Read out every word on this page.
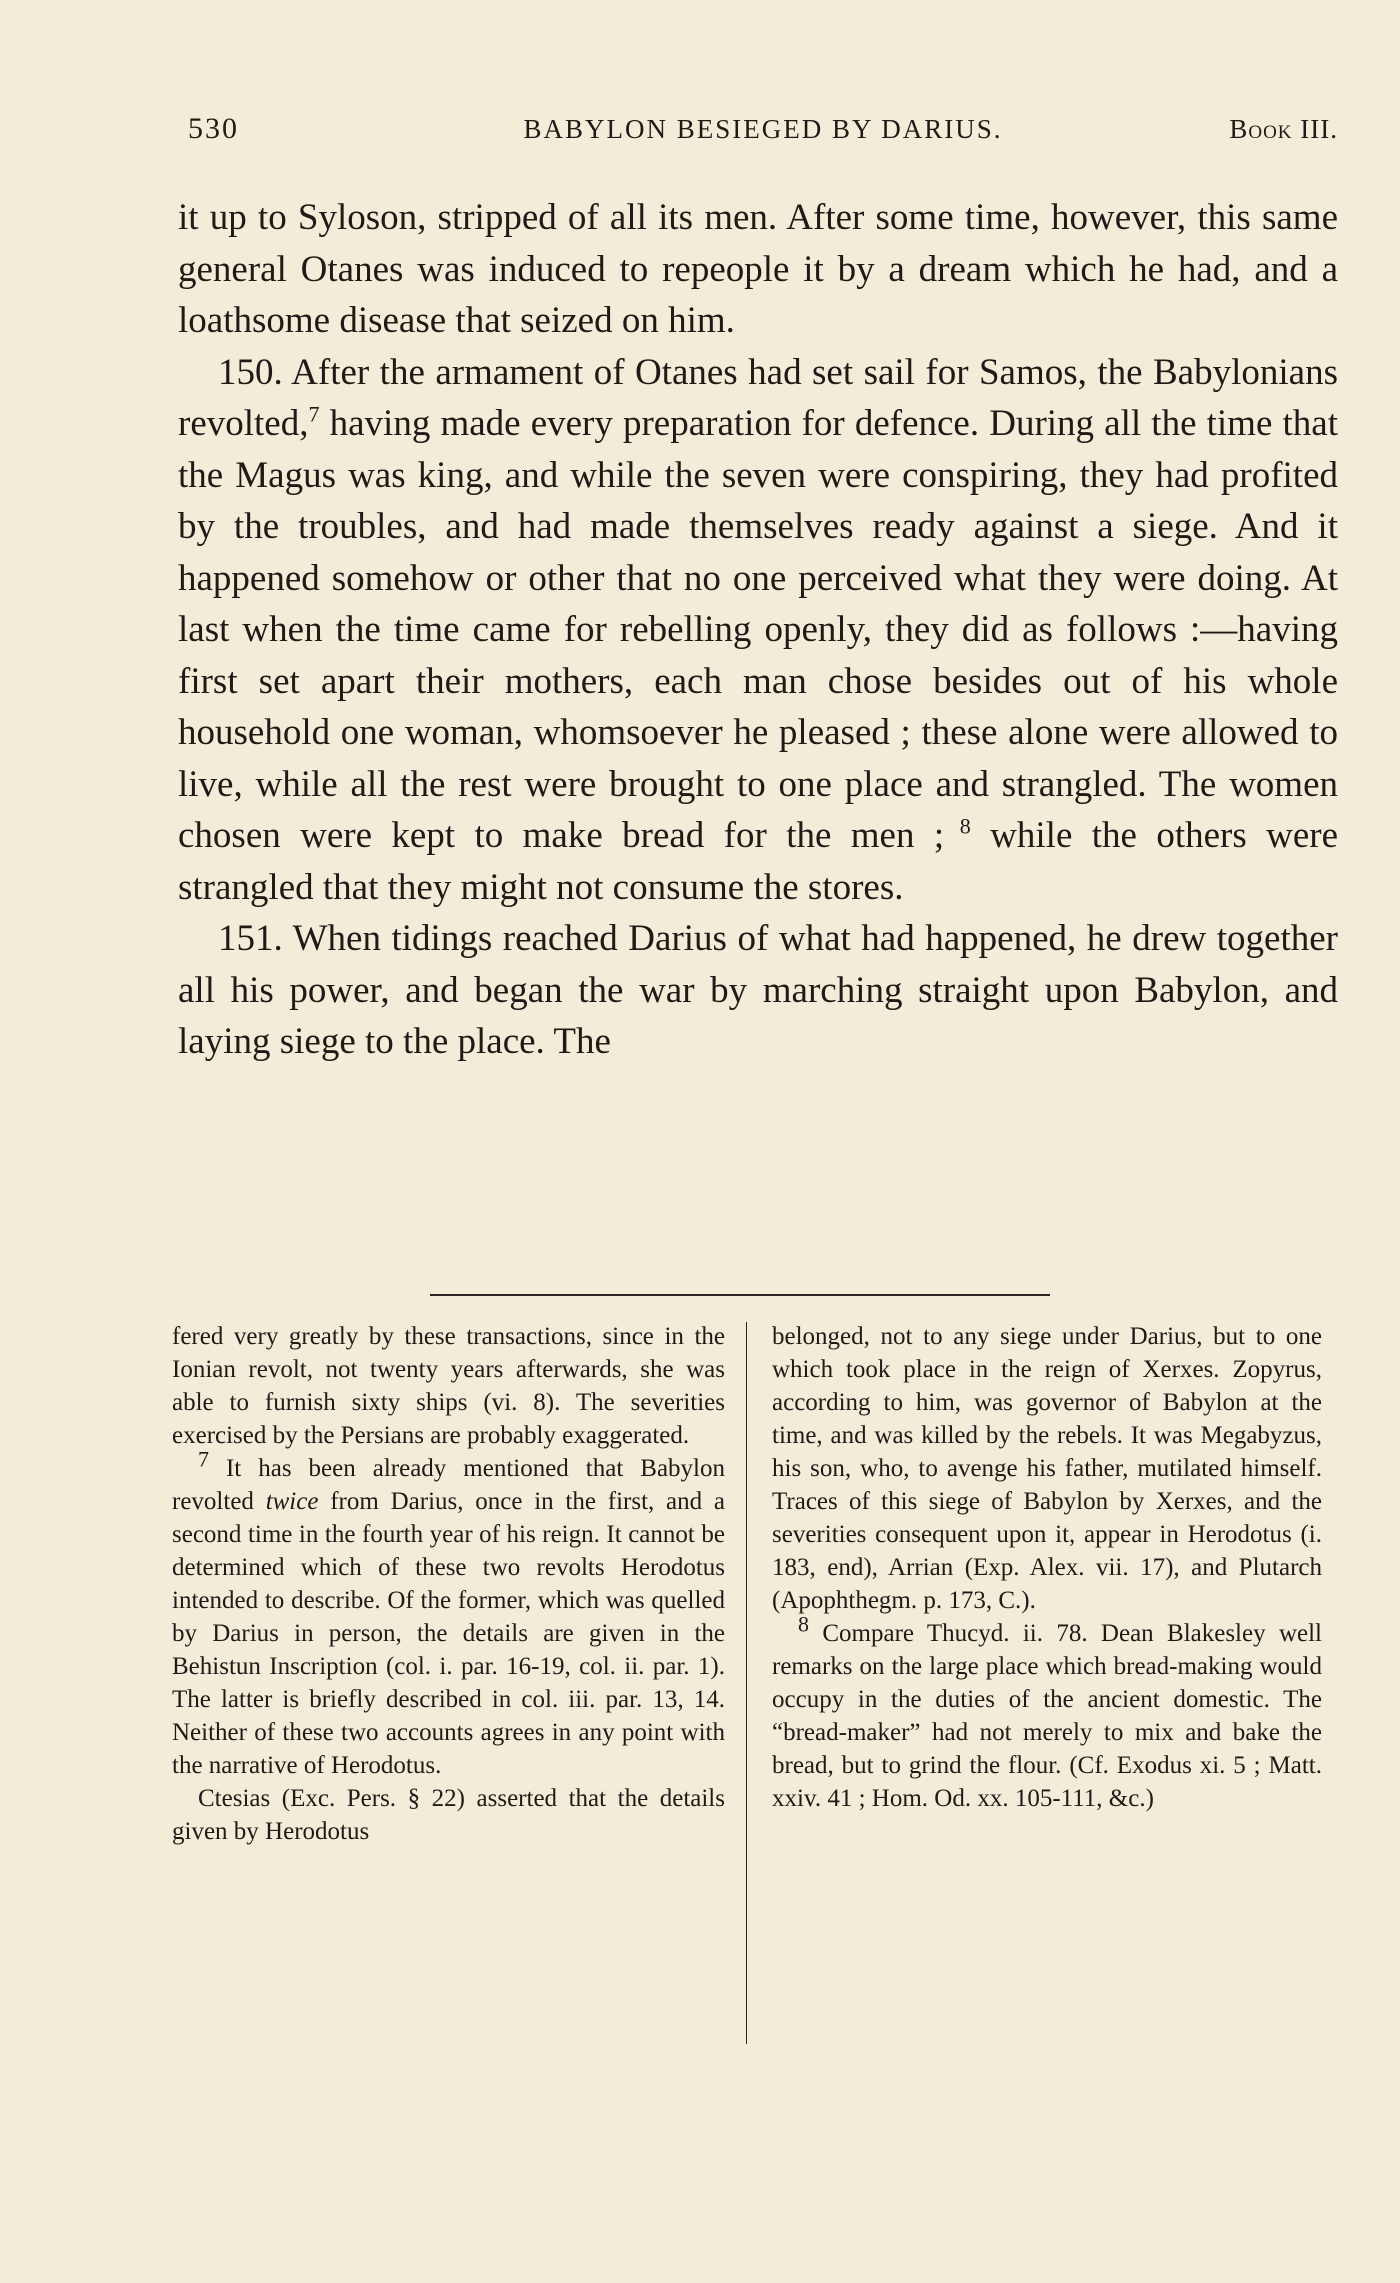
530	BABYLON BESIEGED BY DARIUS.	Book III.

it up to Syloson, stripped of all its men. After some time, however, this same general Otanes was induced to repeople it by a dream which he had, and a loathsome disease that seized on him.

150. After the armament of Otanes had set sail for Samos, the Babylonians revolted,$^7$ having made every preparation for defence. During all the time that the Magus was king, and while the seven were conspiring, they had profited by the troubles, and had made themselves ready against a siege. And it happened somehow or other that no one perceived what they were doing. At last when the time came for rebelling openly, they did as follows :—having first set apart their mothers, each man chose besides out of his whole household one woman, whomsoever he pleased ; these alone were allowed to live, while all the rest were brought to one place and strangled. The women chosen were kept to make bread for the men ; $^8$ while the others were strangled that they might not consume the stores.

151. When tidings reached Darius of what had happened, he drew together all his power, and began the war by marching straight upon Babylon, and laying siege to the place. The

fered very greatly by these transactions, since in the Ionian revolt, not twenty years afterwards, she was able to furnish sixty ships (vi. 8). The severities exercised by the Persians are probably exaggerated.

$^7$ It has been already mentioned that Babylon revolted twice from Darius, once in the first, and a second time in the fourth year of his reign. It cannot be determined which of these two revolts Herodotus intended to describe. Of the former, which was quelled by Darius in person, the details are given in the Behistun Inscription (col. i. par. 16-19, col. ii. par. 1). The latter is briefly described in col. iii. par. 13, 14. Neither of these two accounts agrees in any point with the narrative of Herodotus.

Ctesias (Exc. Pers. § 22) asserted that the details given by Herodotus

belonged, not to any siege under Darius, but to one which took place in the reign of Xerxes. Zopyrus, according to him, was governor of Babylon at the time, and was killed by the rebels. It was Megabyzus, his son, who, to avenge his father, mutilated himself. Traces of this siege of Babylon by Xerxes, and the severities consequent upon it, appear in Herodotus (i. 183, end), Arrian (Exp. Alex. vii. 17), and Plutarch (Apophthegm. p. 173, C.).

$^8$ Compare Thucyd. ii. 78. Dean Blakesley well remarks on the large place which bread-making would occupy in the duties of the ancient domestic. The “bread-maker” had not merely to mix and bake the bread, but to grind the flour. (Cf. Exodus xi. 5 ; Matt. xxiv. 41 ; Hom. Od. xx. 105-111, &c.)
